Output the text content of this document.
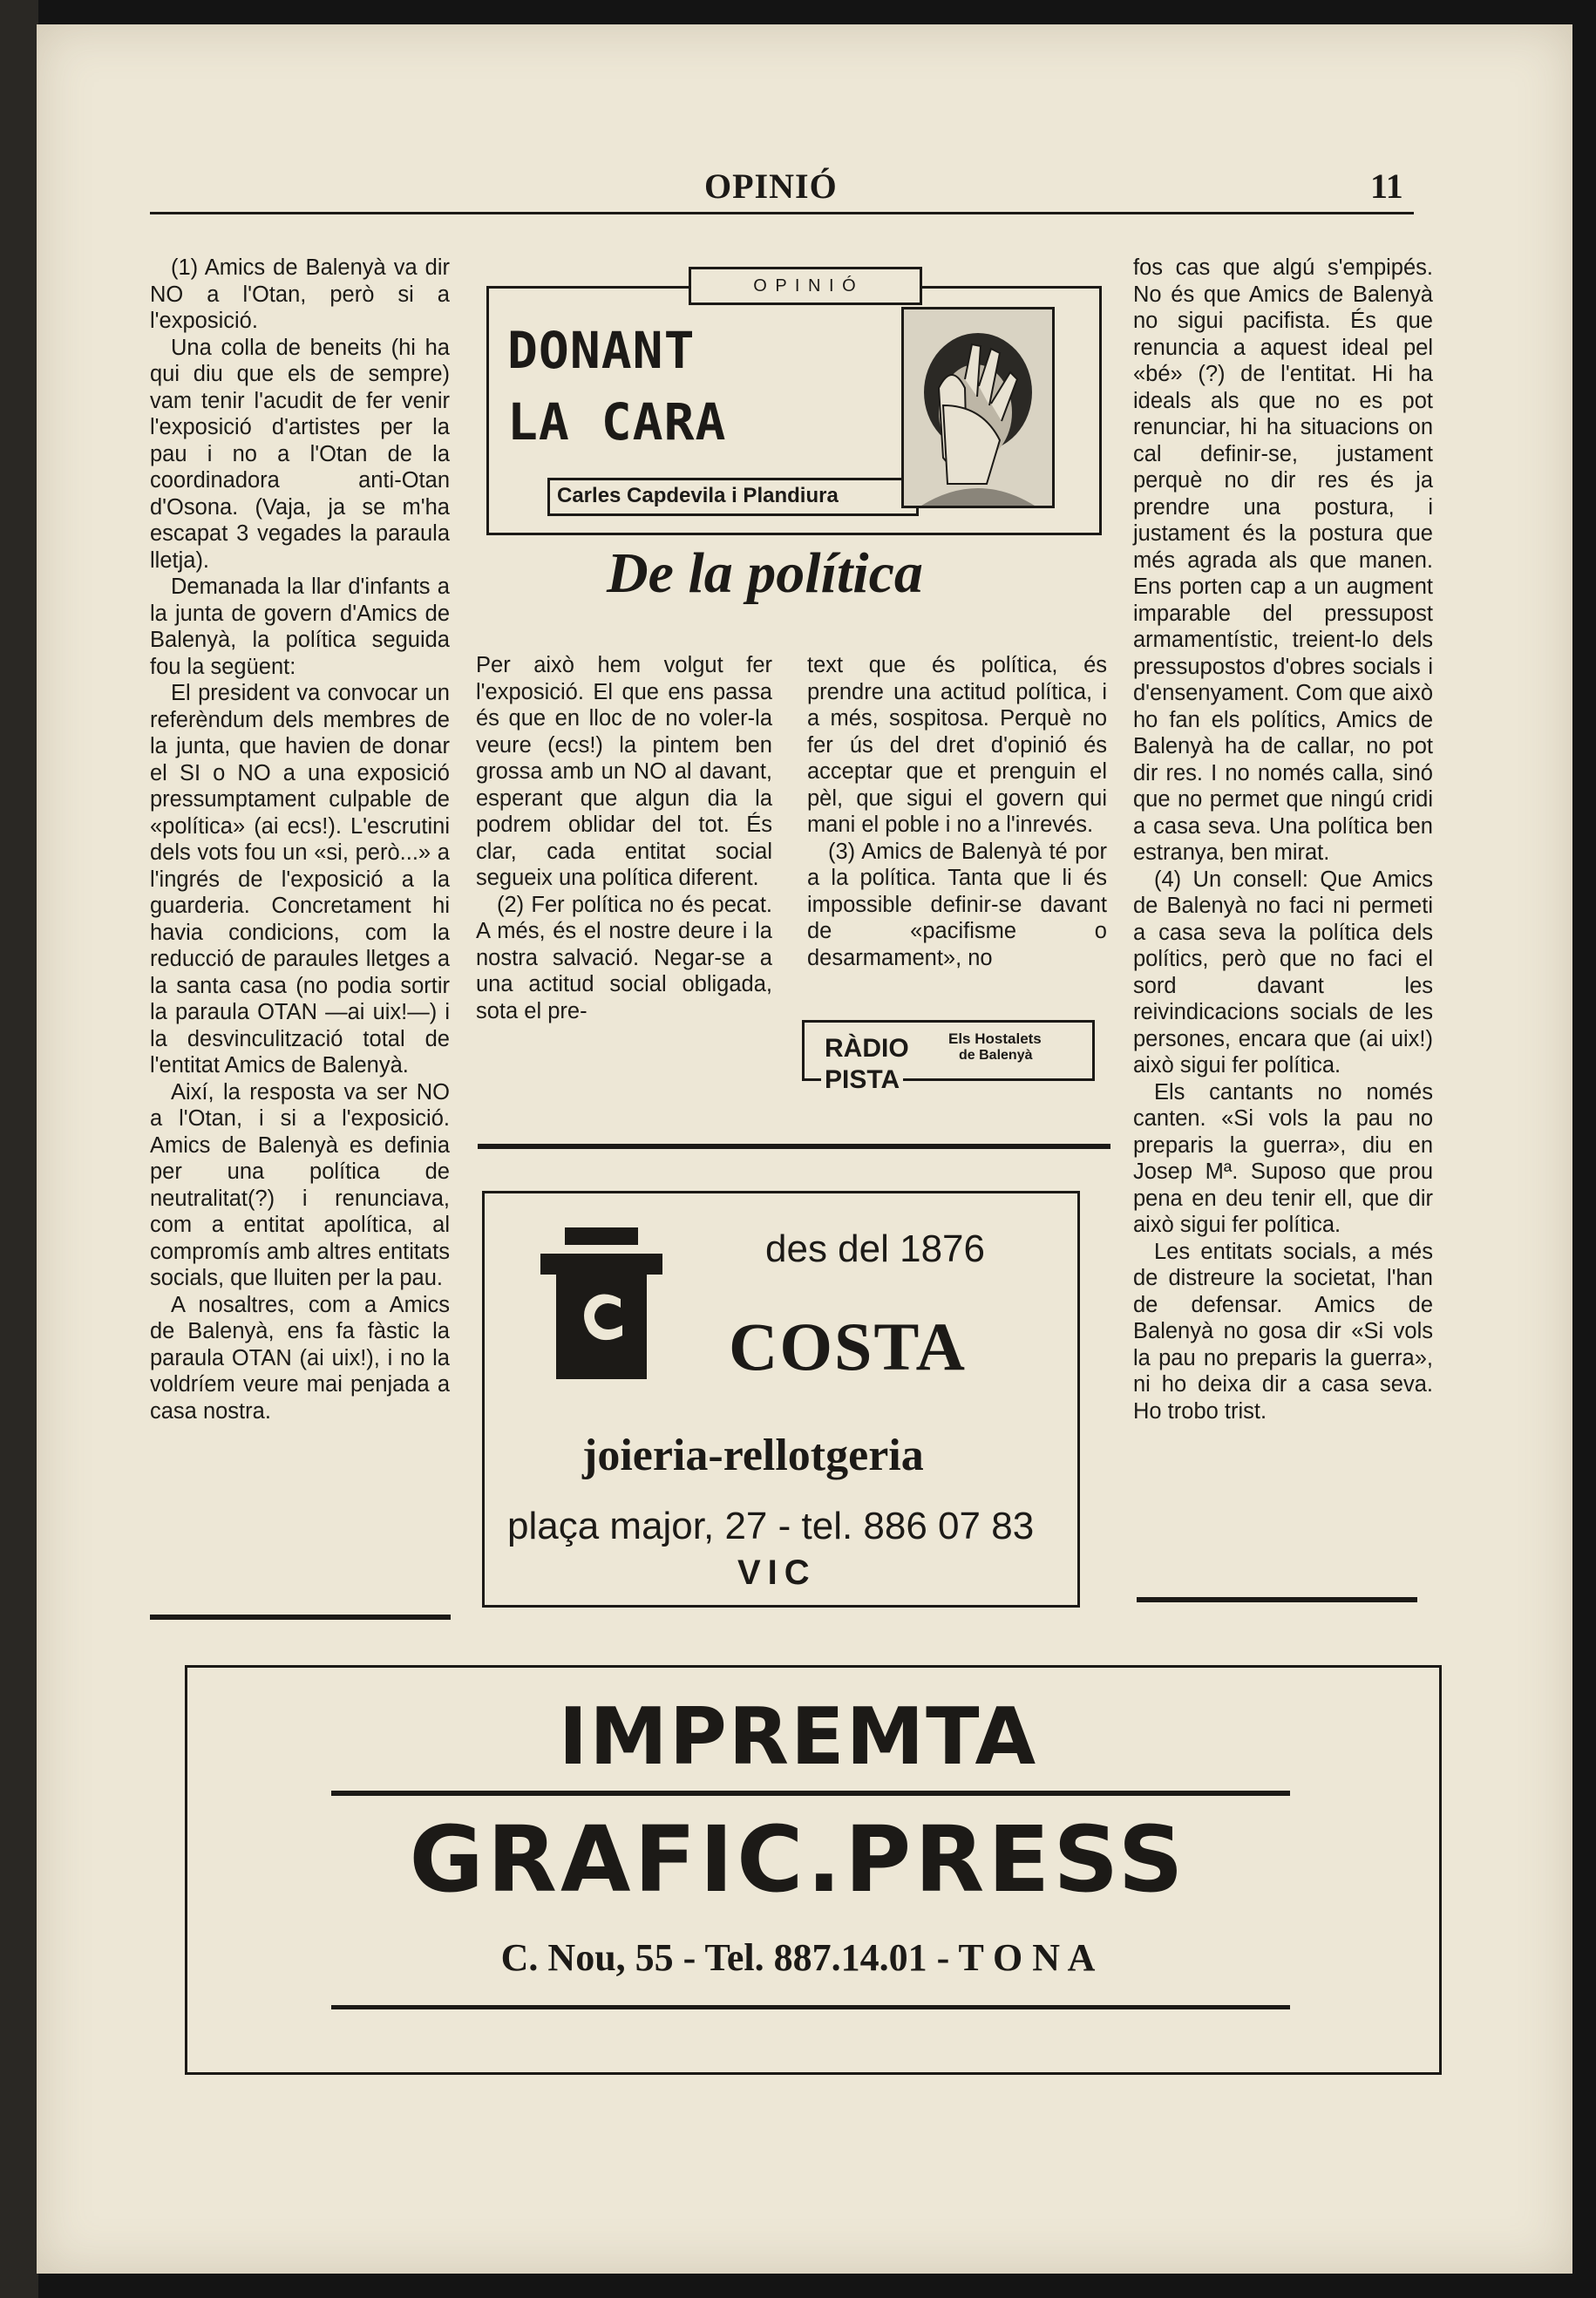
OPINIÓ	11

(1) Amics de Balenyà va dir NO a l'Otan, però si a l'exposició.

Una colla de beneits (hi ha qui diu que els de sempre) vam tenir l'acudit de fer venir l'exposició d'artistes per la pau i no a l'Otan de la coordinadora anti-Otan d'Osona. (Vaja, ja se m'ha escapat 3 vegades la paraula lletja).

Demanada la llar d'infants a la junta de govern d'Amics de Balenyà, la política seguida fou la següent:

El president va convocar un referèndum dels membres de la junta, que havien de donar el SI o NO a una exposició pressumptament culpable de «política» (ai ecs!). L'escrutini dels vots fou un «si, però...» a l'ingrés de l'exposició a la guarderia. Concretament hi havia condicions, com la reducció de paraules lletges a la santa casa (no podia sortir la paraula OTAN —ai uix!—) i la desvinculització total de l'entitat Amics de Balenyà.

Així, la resposta va ser NO a l'Otan, i si a l'exposició. Amics de Balenyà es definia per una política de neutralitat(?) i renunciava, com a entitat apolítica, al compromís amb altres entitats socials, que lluiten per la pau.

A nosaltres, com a Amics de Balenyà, ens fa fàstic la paraula OTAN (ai uix!), i no la voldríem veure mai penjada a casa nostra.

O P I N I Ó
DONANT
LA CARA
Carles Capdevila i Plandiura
De la política

Per això hem volgut fer l'exposició. El que ens passa és que en lloc de no voler-la veure (ecs!) la pintem ben grossa amb un NO al davant, esperant que algun dia la podrem oblidar del tot. És clar, cada entitat social segueix una política diferent.

(2) Fer política no és pecat. A més, és el nostre deure i la nostra salvació. Negar-se a una actitud social obligada, sota el pre-

text que és política, és prendre una actitud política, i a més, sospitosa. Perquè no fer ús del dret d'opinió és acceptar que et prenguin el pèl, que sigui el govern qui mani el poble i no a l'inrevés.

(3) Amics de Balenyà té por a la política. Tanta que li és impossible definir-se davant de «pacifisme o desarmament», no

RÀDIO
PISTA
Els Hostalets
de Balenyà

fos cas que algú s'empipés. No és que Amics de Balenyà no sigui pacifista. És que renuncia a aquest ideal pel «bé» (?) de l'entitat. Hi ha ideals als que no es pot renunciar, hi ha situacions on cal definir-se, justament perquè no dir res és ja prendre una postura, i justament és la postura que més agrada als que manen. Ens porten cap a un augment imparable del pressupost armamentístic, treient-lo dels pressupostos d'obres socials i d'ensenyament. Com que això ho fan els polítics, Amics de Balenyà ha de callar, no pot dir res. I no només calla, sinó que no permet que ningú cridi a casa seva. Una política ben estranya, ben mirat.

(4) Un consell: Que Amics de Balenyà no faci ni permeti a casa seva la política dels polítics, però que no faci el sord davant les reivindicacions socials de les persones, encara que (ai uix!) això sigui fer política.

Els cantants no només canten. «Si vols la pau no preparis la guerra», diu en Josep Mª. Suposo que prou pena en deu tenir ell, que dir això sigui fer política.

Les entitats socials, a més de distreure la societat, l'han de defensar. Amics de Balenyà no gosa dir «Si vols la pau no preparis la guerra», ni ho deixa dir a casa seva. Ho trobo trist.

des del 1876
COSTA
joieria-rellotgeria
plaça major, 27 - tel. 886 07 83
VIC
IMPREMTA
GRAFIC.PRESS
C. Nou, 55 - Tel. 887.14.01 - T O N A
